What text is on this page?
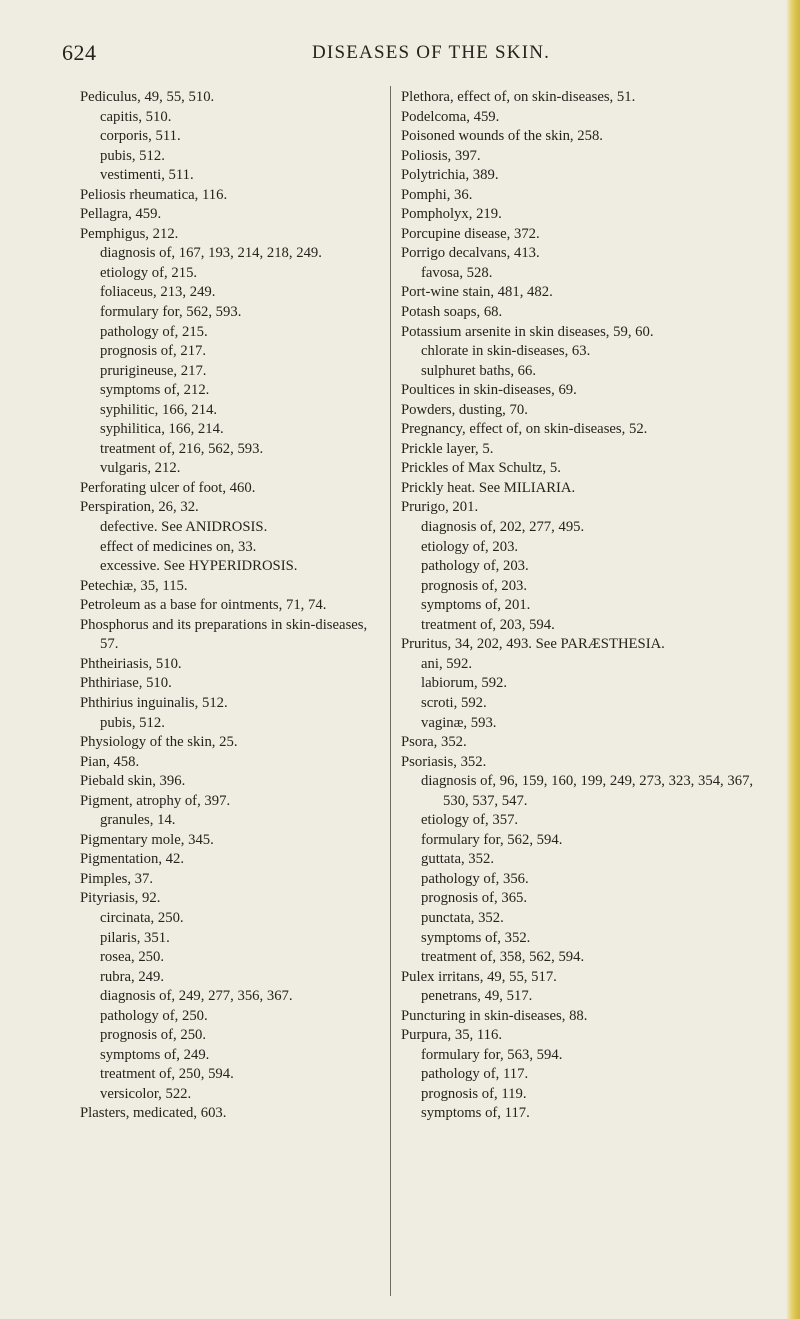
624	DISEASES OF THE SKIN.
Pediculus, 49, 55, 510.
capitis, 510.
corporis, 511.
pubis, 512.
vestimenti, 511.
Peliosis rheumatica, 116.
Pellagra, 459.
Pemphigus, 212.
diagnosis of, 167, 193, 214, 218, 249.
etiology of, 215.
foliaceus, 213, 249.
formulary for, 562, 593.
pathology of, 215.
prognosis of, 217.
prurigineuse, 217.
symptoms of, 212.
syphilitic, 166, 214.
syphilitica, 166, 214.
treatment of, 216, 562, 593.
vulgaris, 212.
Perforating ulcer of foot, 460.
Perspiration, 26, 32.
defective. See ANIDROSIS.
effect of medicines on, 33.
excessive. See HYPERIDROSIS.
Petechiæ, 35, 115.
Petroleum as a base for ointments, 71, 74.
Phosphorus and its preparations in skin-diseases, 57.
Phtheiriasis, 510.
Phthiriase, 510.
Phthirius inguinalis, 512.
pubis, 512.
Physiology of the skin, 25.
Pian, 458.
Piebald skin, 396.
Pigment, atrophy of, 397.
granules, 14.
Pigmentary mole, 345.
Pigmentation, 42.
Pimples, 37.
Pityriasis, 92.
circinata, 250.
pilaris, 351.
rosea, 250.
rubra, 249.
diagnosis of, 249, 277, 356, 367.
pathology of, 250.
prognosis of, 250.
symptoms of, 249.
treatment of, 250, 594.
versicolor, 522.
Plasters, medicated, 603.
Plethora, effect of, on skin-diseases, 51.
Podelcoma, 459.
Poisoned wounds of the skin, 258.
Poliosis, 397.
Polytrichia, 389.
Pomphi, 36.
Pompholyx, 219.
Porcupine disease, 372.
Porrigo decalvans, 413.
favosa, 528.
Port-wine stain, 481, 482.
Potash soaps, 68.
Potassium arsenite in skin diseases, 59, 60.
chlorate in skin-diseases, 63.
sulphuret baths, 66.
Poultices in skin-diseases, 69.
Powders, dusting, 70.
Pregnancy, effect of, on skin-diseases, 52.
Prickle layer, 5.
Prickles of Max Schultz, 5.
Prickly heat. See MILIARIA.
Prurigo, 201.
diagnosis of, 202, 277, 495.
etiology of, 203.
pathology of, 203.
prognosis of, 203.
symptoms of, 201.
treatment of, 203, 594.
Pruritus, 34, 202, 493. See PARÆSTHESIA.
ani, 592.
labiorum, 592.
scroti, 592.
vaginæ, 593.
Psora, 352.
Psoriasis, 352.
diagnosis of, 96, 159, 160, 199, 249, 273, 323, 354, 367, 530, 537, 547.
etiology of, 357.
formulary for, 562, 594.
guttata, 352.
pathology of, 356.
prognosis of, 365.
punctata, 352.
symptoms of, 352.
treatment of, 358, 562, 594.
Pulex irritans, 49, 55, 517.
penetrans, 49, 517.
Puncturing in skin-diseases, 88.
Purpura, 35, 116.
formulary for, 563, 594.
pathology of, 117.
prognosis of, 119.
symptoms of, 117.
